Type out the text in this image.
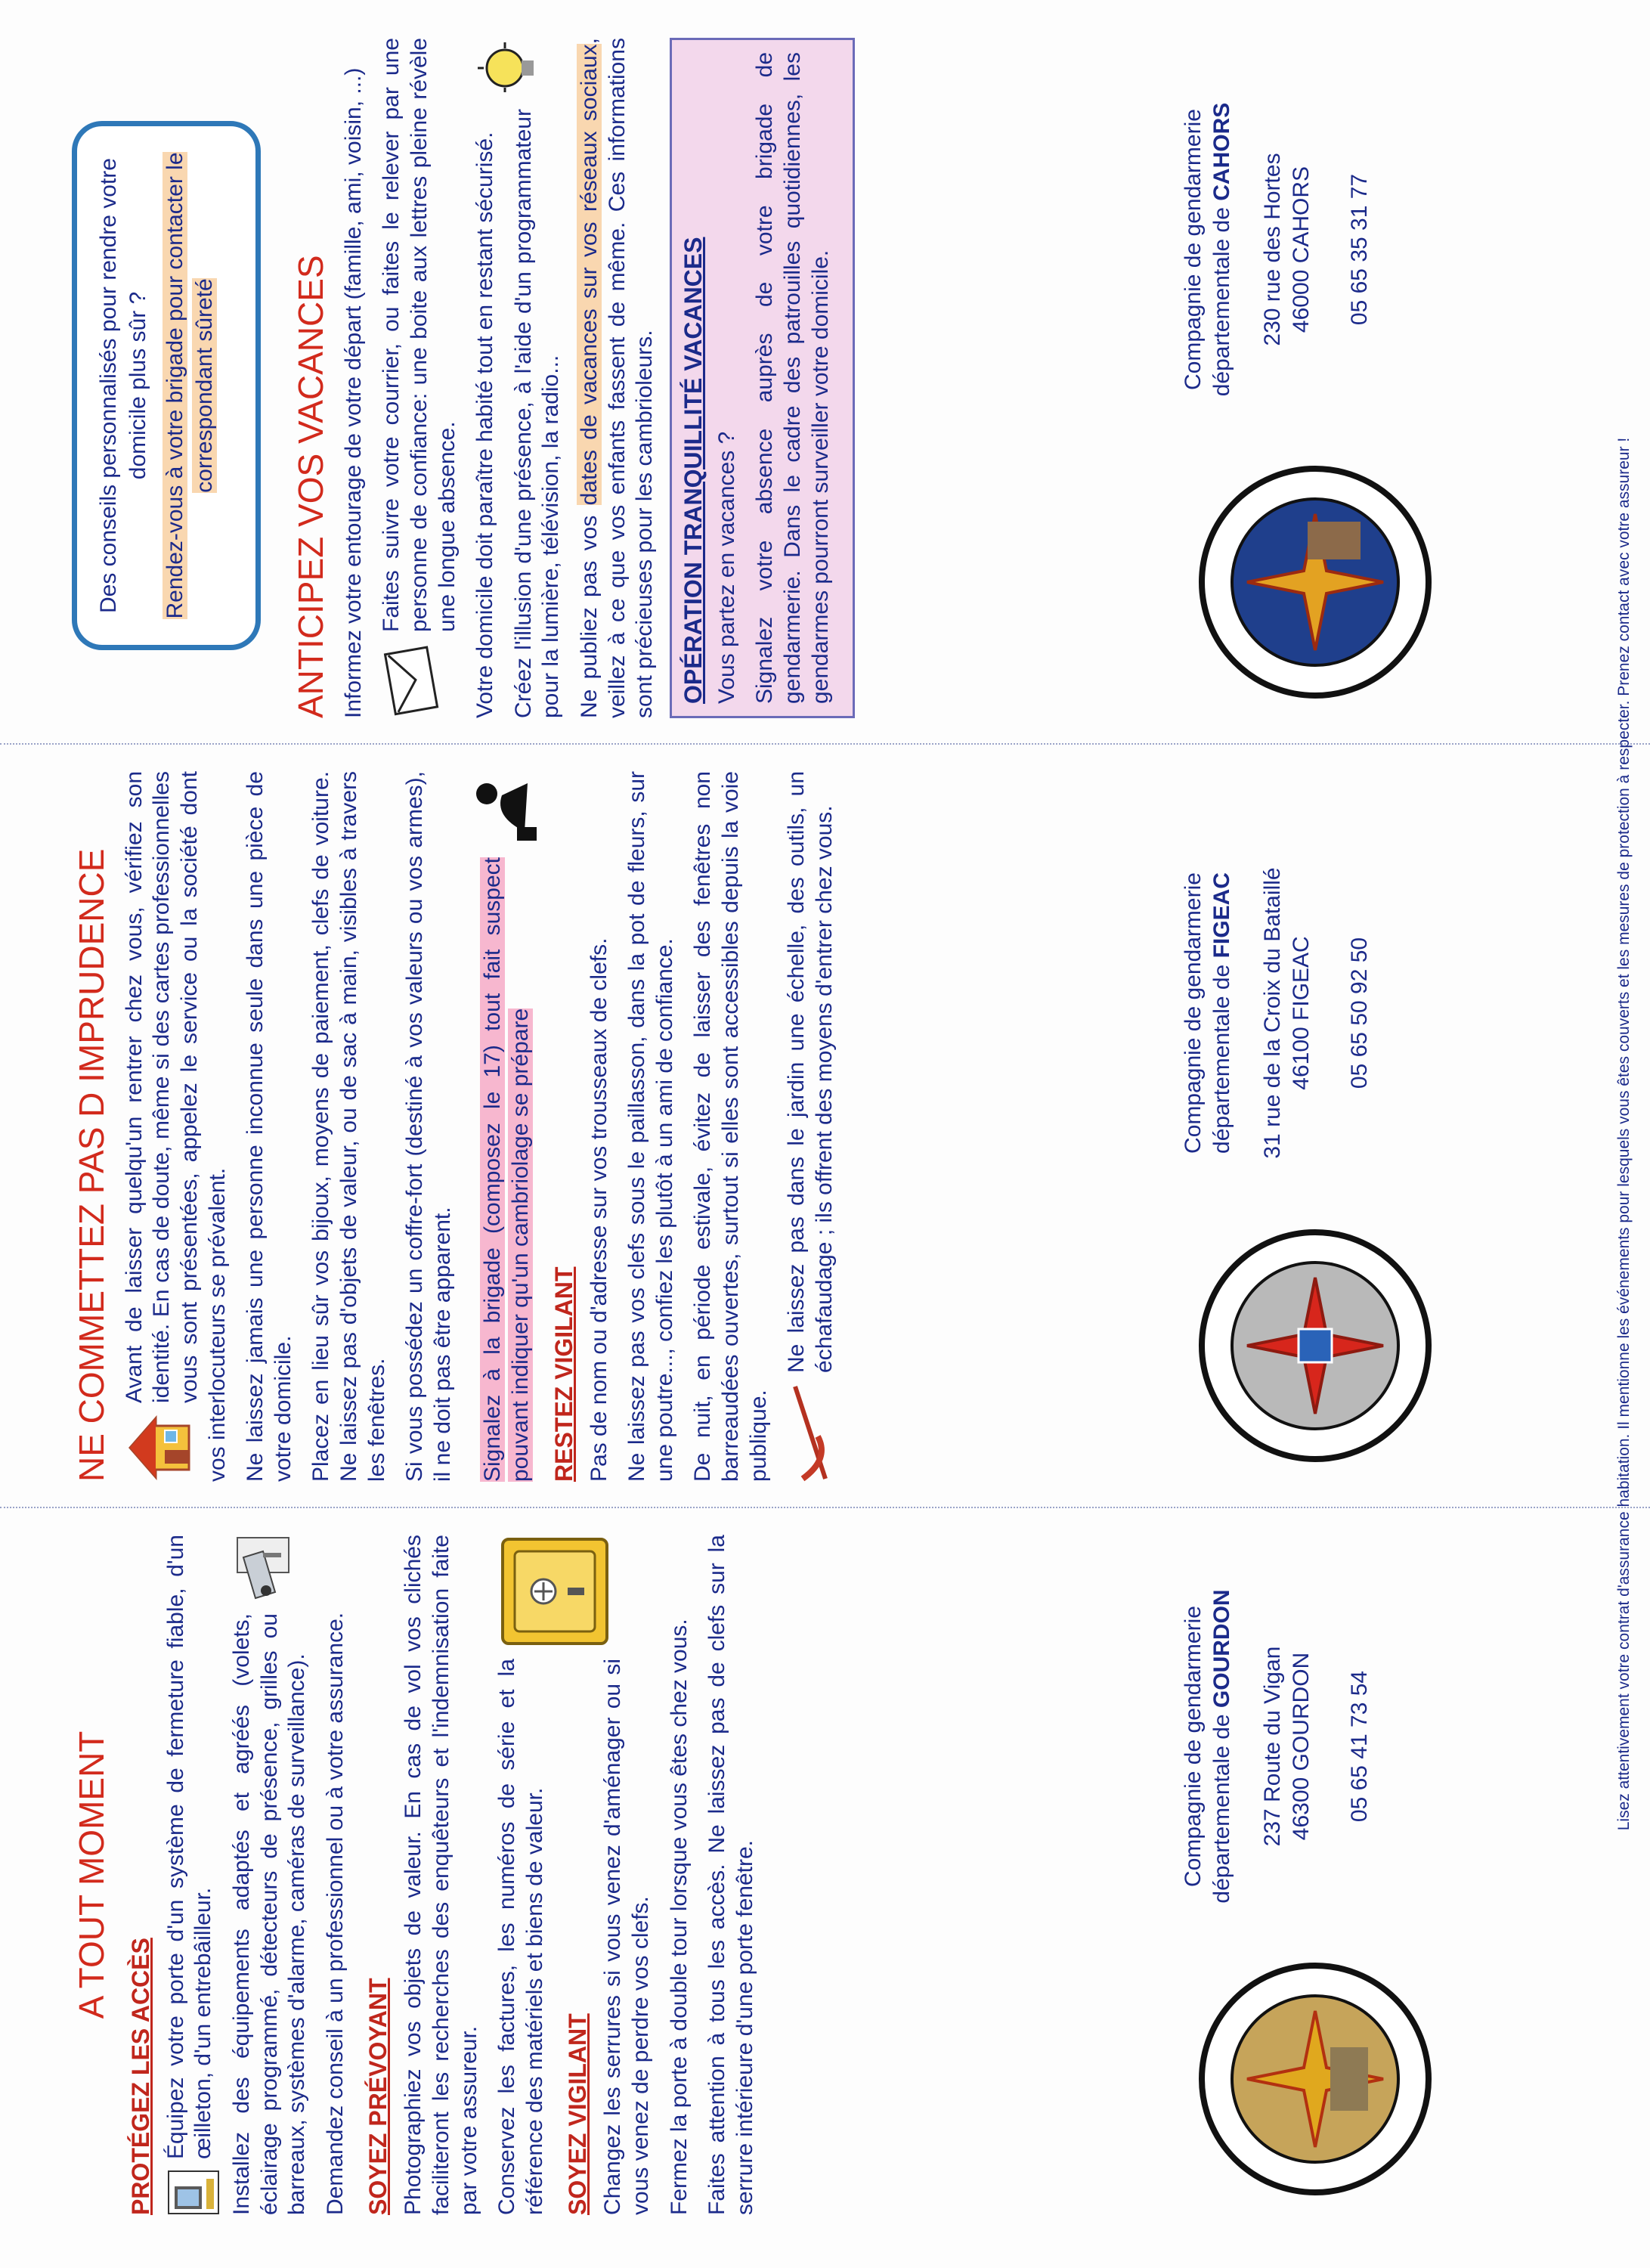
A TOUT MOMENT
PROTÉGEZ LES ACCÈS Équipez votre porte d'un système de fermeture fiable, d'un œilleton, d'un entrebâilleur. Installez des équipements adaptés et agréés (volets, éclairage programmé, détecteurs de présence, grilles ou barreaux, systèmes d'alarme, caméras de surveillance). Demandez conseil à un professionnel ou à votre assurance. SOYEZ PRÉVOYANT Photographiez vos objets de valeur. En cas de vol vos clichés faciliteront les recherches des enquêteurs et l'indemnisation faite par votre assureur. Conservez les factures, les numéros de série et la référence des matériels et biens de valeur. SOYEZ VIGILANT Changez les serrures si vous venez d'aménager ou si vous venez de perdre vos clefs. Fermez la porte à double tour lorsque vous êtes chez vous. Faites attention à tous les accès. Ne laissez pas de clefs sur la serrure intérieure d'une porte fenêtre.

NE COMMETTEZ PAS D IMPRUDENCE Avant de laisser quelqu'un rentrer chez vous, vérifiez son identité. En cas de doute, même si des cartes professionnelles vous sont présentées, appelez le service ou la société dont vos interlocuteurs se prévalent. Ne laissez jamais une personne inconnue seule dans une pièce de votre domicile. Placez en lieu sûr vos bijoux, moyens de paiement, clefs de voiture. Ne laissez pas d'objets de valeur, ou de sac à main, visibles à travers les fenêtres. Si vous possédez un coffre-fort (destiné à vos valeurs ou vos armes), il ne doit pas être apparent. Signalez à la brigade (composez le 17) tout fait suspect pouvant indiquer qu'un cambriolage se prépare RESTEZ VIGILANT Pas de nom ou d'adresse sur vos trousseaux de clefs. Ne laissez pas vos clefs sous le paillasson, dans la pot de fleurs, sur une poutre..., confiez les plutôt à un ami de confiance. De nuit, en période estivale, évitez de laisser des fenêtres non barreaudées ouvertes, surtout si elles sont accessibles depuis la voie publique.

Ne laissez pas dans le jardin une échelle, des outils, un échafaudage ; ils offrent des moyens d'entrer chez vous.

Des conseils personnalisés pour rendre votre domicile plus sûr ? Rendez-vous à votre brigade pour contacter le correspondant sûreté ANTICIPEZ VOS VACANCES Informez votre entourage de votre départ (famille, ami, voisin, ...) Faites suivre votre courrier, ou faites le relever par une personne de confiance: une boite aux lettres pleine révèle une longue absence. Votre domicile doit paraître habité tout en restant sécurisé. Créez l'illusion d'une présence, à l'aide d'un programmateur pour la lumière, télévision, la radio... Ne publiez pas vos dates de vacances sur vos réseaux sociaux, veillez à ce que vos enfants fassent de même. Ces informations sont précieuses pour les cambrioleurs. OPÉRATION TRANQUILLITÉ VACANCES Vous partez en vacances ? Signalez votre absence auprès de votre brigade de gendarmerie. Dans le cadre des patrouilles quotidiennes, les gendarmes pourront surveiller votre domicile.

Compagnie de gendarmerie départementale de GOURDON 237 Route du Vigan 46300 GOURDON 05 65 41 73 54
Compagnie de gendarmerie départementale de FIGEAC 31 rue de la Croix du Bataillé 46100 FIGEAC 05 65 50 92 50
Compagnie de gendarmerie départementale de CAHORS
230 rue des Hortes 46000 CAHORS 05 65 35 31 77
Lisez attentivement votre contrat d'assurance habitation. Il mentionne les événements pour lesquels vous êtes couverts et les mesures de protection à respecter. Prenez contact avec votre assureur !
